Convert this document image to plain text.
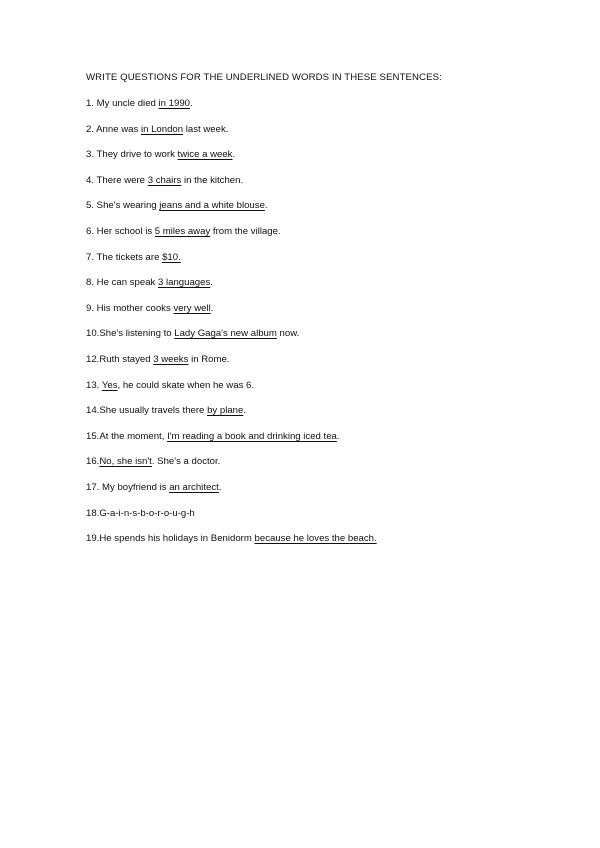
WRITE QUESTIONS FOR THE UNDERLINED WORDS IN THESE SENTENCES:
1. My uncle died in 1990.
2. Anne was in London last week.
3. They drive to work twice a week.
4. There were 3 chairs in the kitchen.
5. She's wearing jeans and a white blouse.
6. Her school is 5 miles away from the village.
7. The tickets are $10.
8. He can speak 3 languages.
9. His mother cooks very well.
10.She's listening to Lady Gaga's new album now.
12.Ruth stayed 3 weeks in Rome.
13. Yes, he could skate when he was 6.
14.She usually travels there by plane.
15.At the moment, I'm reading a book and drinking iced tea.
16.No, she isn't. She's a doctor.
17. My boyfriend is an architect.
18.G-a-i-n-s-b-o-r-o-u-g-h
19.He spends his holidays in Benidorm because he loves the beach.
